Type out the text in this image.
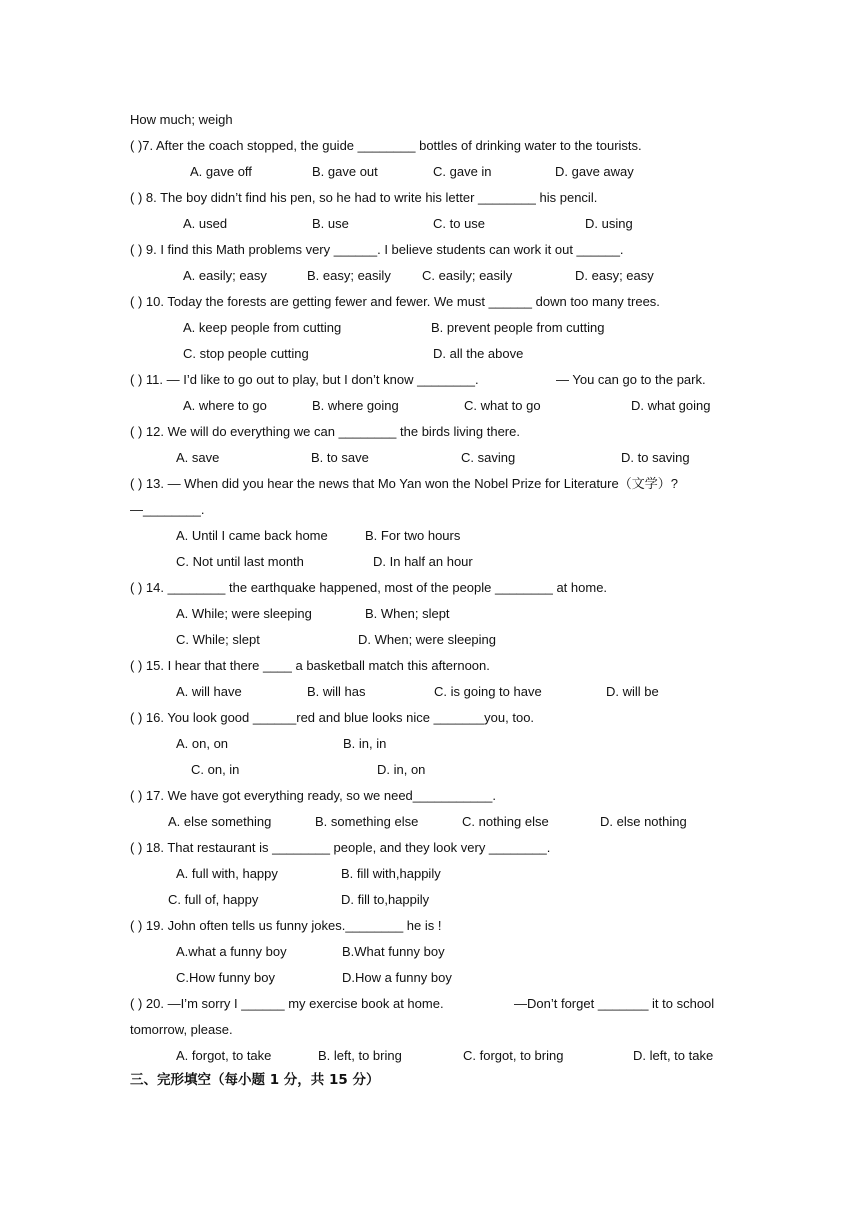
How much; weigh
( )7. After the coach stopped, the guide ________ bottles of drinking water to the tourists.
A. gave off	B. gave out	C. gave in	D. gave away
( ) 8. The boy didn’t find his pen, so he had to write his letter ________ his pencil.
A. used	B. use	C. to use	D. using
( ) 9. I find this Math problems very ______. I believe students can work it out ______.
A. easily; easy	B. easy; easily C. easily; easily	D. easy; easy
( ) 10. Today the forests are getting fewer and fewer. We must ______ down too many trees.
A. keep people from cutting	B. prevent people from cutting
C. stop people cutting	D. all the above
( ) 11. — I’d like to go out to play, but I don’t know ________.	— You can go to the park.
A. where to go	B. where going	C. what to go	D. what going
( ) 12. We will do everything we can ________ the birds living there.
A. save	B. to save	C. saving	D. to saving
( ) 13. — When did you hear the news that Mo Yan won the Nobel Prize for Literature（文学）?
—________.
A. Until I came back home	B. For two hours
C. Not until last month	D. In half an hour
( ) 14. ________ the earthquake happened, most of the people ________ at home.
A. While; were sleeping	B. When; slept
C. While; slept	D. When; were sleeping
( ) 15. I hear that there ____ a basketball match this afternoon.
A. will have	B. will has	C. is going to have	D. will be
( ) 16. You look good ______red and blue looks nice _______you, too.
A. on, on	B. in, in
C. on, in	D. in, on
( ) 17. We have got everything ready, so we need___________.
A. else something	B. something else	C. nothing else	D. else nothing
( ) 18. That restaurant is ________ people, and they look very ________.
A. full with, happy	B. fill with,happily
C. full of, happy	D. fill to,happily
( ) 19. John often tells us funny jokes.________ he is !
A.what a funny boy	B.What funny boy
C.How funny boy	D.How a funny boy
( ) 20. —I’m sorry I ______ my exercise book at home.	—Don’t forget _______ it to school
tomorrow, please.
A. forgot, to take	B. left, to bring	C. forgot, to bring	D. left, to take
三、完形填空（每小题 1 分，共 15 分）
